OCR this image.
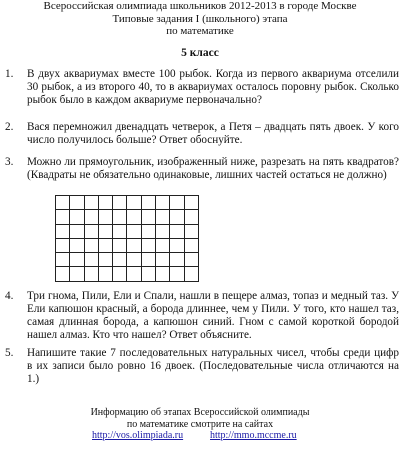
Всероссийская олимпиада школьников 2012-2013 в городе Москве
Типовые задания I (школьного) этапа
по математике
5 класс
1.	В двух аквариумах вместе 100 рыбок. Когда из первого аквариума отселили 30 рыбок, а из второго 40, то в аквариумах осталось поровну рыбок. Сколько рыбок было в каждом аквариуме первоначально?
2.	Вася перемножил двенадцать четверок, а Петя – двадцать пять двоек. У кого число получилось больше? Ответ обоснуйте.
3.	Можно ли прямоугольник, изображенный ниже, разрезать на пять квадратов? (Квадраты не обязательно одинаковые, лишних частей остаться не должно)

4.	Три гнома, Пили, Ели и Спали, нашли в пещере алмаз, топаз и медный таз. У Ели капюшон красный, а борода длиннее, чем у Пили. У того, кто нашел таз, самая длинная борода, а капюшон синий. Гном с самой короткой бородой нашел алмаз. Кто что нашел? Ответ объясните.
5.	Напишите такие 7 последовательных натуральных чисел, чтобы среди цифр в их записи было ровно 16 двоек. (Последовательные числа отличаются на 1.)
Информацию об этапах Всероссийской олимпиады
по математике смотрите на сайтах
http://vos.olimpiada.ru	http://mmo.mccme.ru
